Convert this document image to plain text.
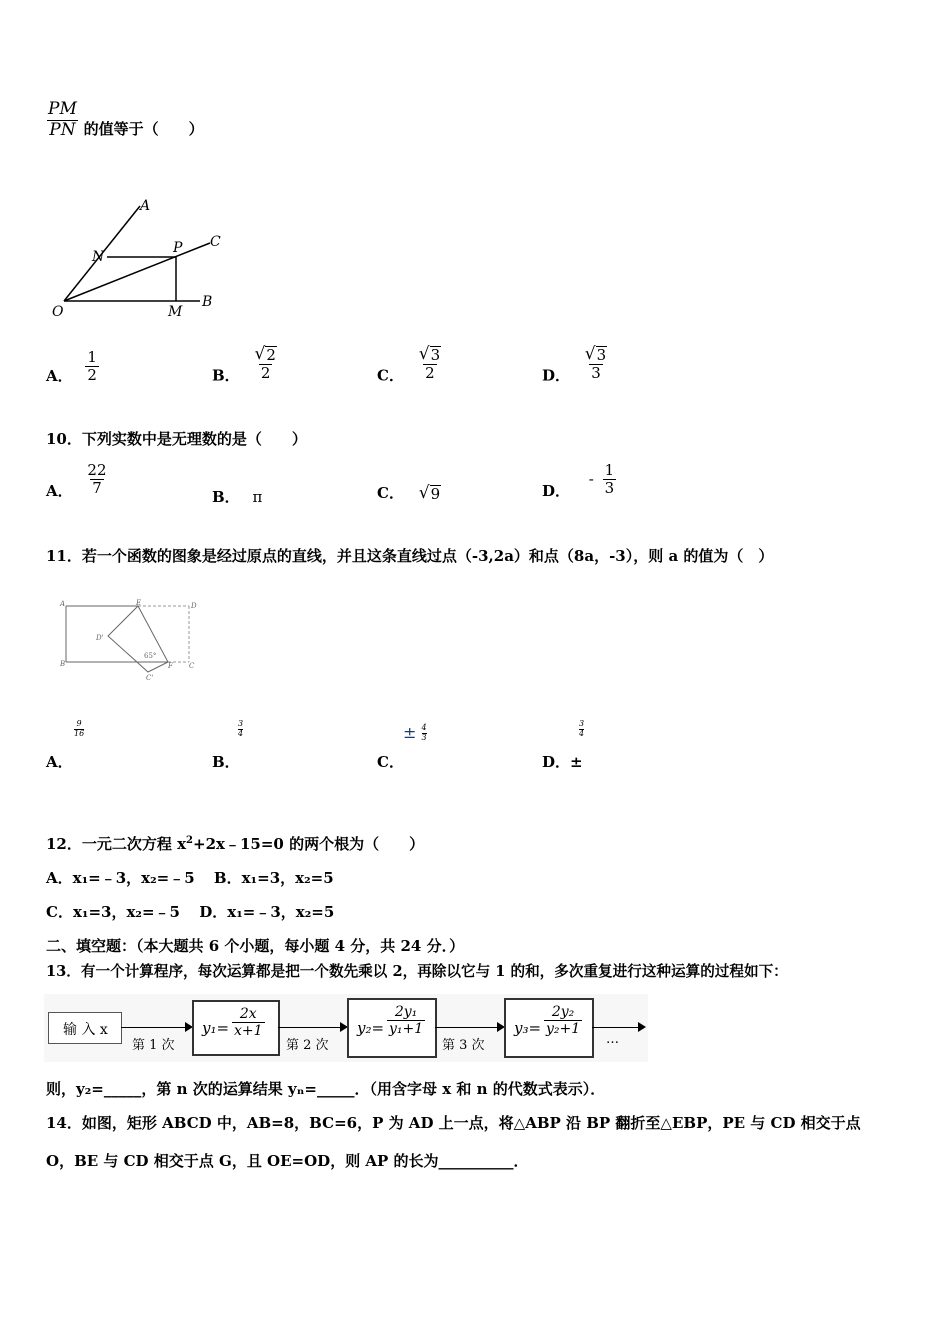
$\frac{PM}{PN}$ 的值等于（　　）
A
N
P C
O	M
B
A． $\frac{1}{2}$	B． $\frac{√ 2}{2}$	C． $\frac{√ 3}{2}$	D． $\frac{√ 3}{3}$
10．下列实数中是无理数的是（　　）
A． $\frac{22}{7}$	B． π	C． √ 9	D． - $\frac{1}{3}$
11．若一个函数的图象是经过原点的直线，并且这条直线过点（-3,2a）和点（8a，-3），则 a 的值为（　）
A	E	D
D'
65°
B	F C
C'
$\frac{9}{16}$
A．
$\frac{3}{4}$
B．
± $\frac{4}{3}$
C．
$\frac{3}{4}$
D．±
12．一元二次方程 $x^2+2x﹣15=0$ 的两个根为（　　）
A．x₁=﹣3，x₂=﹣5 B．x₁=3，x₂=5
C．x₁=3，x₂=﹣5 D．x₁=﹣3，x₂=5
二、填空题：（本大题共 6 个小题，每小题 4 分，共 24 分．）
13．有一个计算程序，每次运算都是把一个数先乘以 2，再除以它与 1 的和，多次重复进行这种运算的过程如下：
输 入 x
第 1 次
$y_1= \frac{2x}{x+1}$
第 2 次
$y_2= \frac{\text{2y₁}}{\text{y₁+1}}$
第 3 次
$y_3= \frac{\text{2y₂}}{\text{y₂+1}}$
…
则，y₂=_____，第 n 次的运算结果 yₙ=_____．（用含字母 x 和 n 的代数式表示）．
14．如图，矩形 ABCD 中，AB=8，BC=6，P 为 AD 上一点，将△ABP 沿 BP 翻折至△EBP，PE 与 CD 相交于点
O，BE 与 CD 相交于点 G，且 OE=OD，则 AP 的长为__________．
